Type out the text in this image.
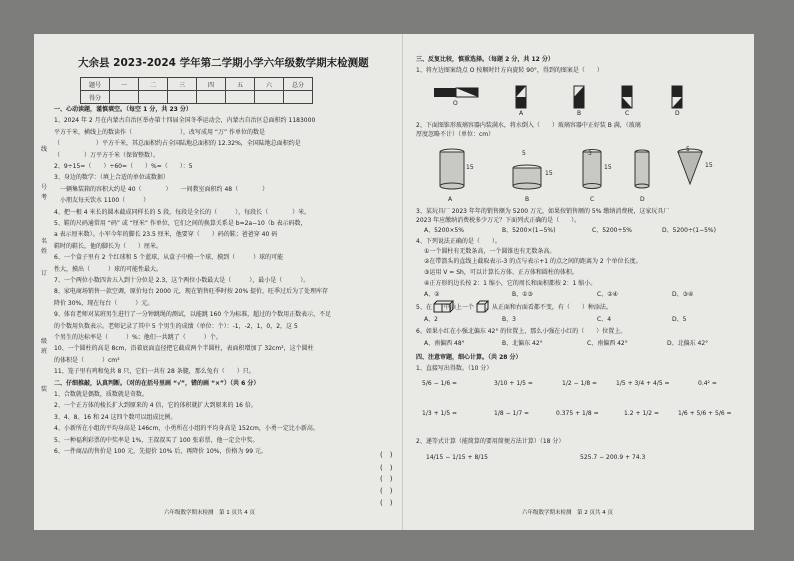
大余县 2023-2024 学年第二学期小学六年级数学期末检测题
题号	一	二	三	四	五	六	总分
得分							
线
号
考
名
姓
订
级
班
装
一、心动读题，谨慎填空。（每空 1 分，共 23 分）
1、2024 年 2 月在内蒙古自治区举办第十四届全国冬季运动会，内蒙古自治区总面积约 1183000
平方千米，横线上的数读作（　　　　　　　　），改写成用 “万” 作单位的数是
（　　　　　　）平方千米，其总面积约占全国陆地总面积的 12.32%，全国陆地总面积约是
（　　　　）万平方千米（保留整数）。
2、9÷15=（　　）÷60=（　　）%=（　　）：5
3、身边的数学：（填上合适的单位或数据）
　一辆集装箱的容积大约是 40（　　　　）　　一间教室面积约 48（　　　　）
　小朋友每天饮水 1100（　　　）
4、把一根 4 米长的圆木截成同样长的 5 段，每段是全长的（　　　），每段长（　　　　）米。
5、鞋的尺码通常用 “码” 或 “厘米” 作单位，它们之间的换算关系是 b=2a−10（b 表示码数，
a 表示厘米数）。小军今年的脚长 23.5 厘米，他要穿（　　）码的鞋；爸爸穿 40 码
鞋时的鞋长，他的脚长为（　　）厘米。
6、一个盒子里有 2 个红球和 5 个蓝球，从盒子中摸一个球，摸到（　　　）球的可能
性大，摸出（　　　）球的可能性最大。
7、一个两位小数四舍五入到十分位是 2.3，这个两位小数最大是（　　　），最小是（　　　）。
8、家电商场销售一款空调，原价每台 2000 元，现在销售旺季时按 20% 提价，旺季过后为了处理库存
降价 30%，现在每台（　　　）元。
9、体育老师对某班男生进行了一分钟跳绳的测试，以能跳 160 个为标准，超过的个数用正数表示，不足
的个数用负数表示。老师记录了其中 5 个男生的成绩（单位：个）：-1，-2，1，0，2，这 5
个男生的达标率是（　　　）%；他们一共跳了（　　　）个。
10、一个圆柱的高是 8cm，沿着底面直径把它截成两个半圆柱，表面积增加了 32cm²，这个圆柱
的体积是（　　　）cm³
11、笼子里有鸡和兔共 8 只，它们一共有 28 条腿，那么兔有（　　）只。
二、仔细推敲，认真判断。（对的在括号里画 “√”，错的画 “×”）（共 6 分）
1、合数就是偶数，质数就是奇数。
2、一个正方体的棱长扩大到原来的 4 倍，它的体积就扩大到原来的 16 倍。
3、4、8、16 和 24 这四个数可以组成比例。
4、小新所在小组的平均身高是 146cm，小勇所在小组的平均身高是 152cm，小勇一定比小新高。
5、一种福利彩票的中奖率是 1%，王叔叔买了 100 张彩票，他一定会中奖。
6、一件商品的售价是 100 元，先提价 10% 后，再降价 10%，价格为 99 元。	(　)
(　)
(　)
(　)
(　)
六年级数学期末检测　第 1 页共 4 页
三、反复比较，慎重选择。（每题 2 分，共 12 分）
1、将左边图案绕点 O 按顺时针方向旋转 90°，得到的图案是（　　）
O
A	B	C	D
2、下面图锥形玻璃容器内装满水，将水倒入（　　）玻璃容器中正好装 B 满，（玻璃
厚度忽略不计）（单位：cm）
15
5
15
3
15
5
15
A	B	C	D
3、某玩具厂 2023 年年的销售额为 5200 万元，如果按销售额的 5% 缴纳消费税，这家玩具厂
2023 年应缴纳消费税多少万元？下面列式正确的是（　　）。
A、5200×5%	B、5200×(1−5%)	C、5200÷5%	D、5200÷(1−5%)
4、下列说法正确的是（　　）。
①一个圆柱有无数条高，一个圆锥也有无数条高。
②在带箭头的直线上截取表示-3 的点与表示+1 的点之间的距离为 2 个单位长度。
③运用 V = Sh，可以计算长方体、正方体和圆柱的体积。
④正方形的边长按 2：1 缩小，它的周长和面积都按 2：1 缩小。
A、②	B、①③	C、②④	D、③④
5、在　　中添上一个　　，从正面和右面看都不变，有（　　）种添法。
A、2	B、3	C、4	D、5
6、如果小红在小强北偏东 42° 的位置上，那么小强在小红的（　　）位置上。
A、南偏西 48°	B、北偏东 42°	C、南偏西 42°	D、北偏东 42°
四、注意审题，细心计算。（共 28 分）
1、直接写出得数。（10 分）
5/6 − 1/6 =	3/10 + 1/5 =	1/2 − 1/8 =	1/5 + 3/4 + 4/5 =	0.4² =
1/3 + 1/5 =	1/8 − 1/7 =	0.375 + 1/8 =	1.2 + 1/2 =	1/6 + 5/6 + 5/6 =
2、递等式计算（能简算的要用简便方法计算）（18 分）
14/15 − 1/15 + 8/15	525.7 − 200.9 + 74.3
六年级数学期末检测　第 2 页共 4 页
